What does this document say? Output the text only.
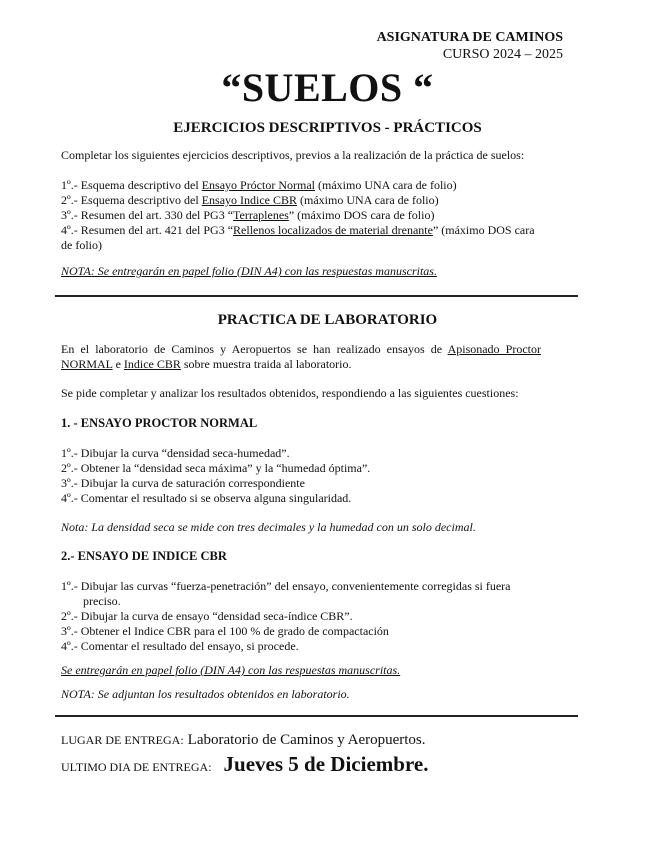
ASIGNATURA DE CAMINOS
CURSO 2024 – 2025
“SUELOS “
EJERCICIOS DESCRIPTIVOS - PRÁCTICOS
Completar los siguientes ejercicios descriptivos, previos a la realización de la práctica de suelos:
1º.- Esquema descriptivo del Ensayo Próctor Normal (máximo UNA cara de folio)
2º.- Esquema descriptivo del Ensayo Indice CBR (máximo UNA cara de folio)
3º.- Resumen del art. 330 del PG3 “Terraplenes” (máximo DOS cara de folio)
4º.- Resumen del art. 421 del PG3 “Rellenos localizados de material drenante” (máximo DOS cara de folio)
NOTA: Se entregarán en papel folio (DIN A4) con las respuestas manuscritas.
PRACTICA DE LABORATORIO
En el laboratorio de Caminos y Aeropuertos se han realizado ensayos de Apisonado Proctor NORMAL e Indice CBR sobre muestra traida al laboratorio.
Se pide completar y analizar los resultados obtenidos, respondiendo a las siguientes cuestiones:
1. - ENSAYO PROCTOR NORMAL
1º.- Dibujar la curva “densidad seca-humedad”.
2º.- Obtener la “densidad seca máxima” y la “humedad óptima”.
3º.- Dibujar la curva de saturación correspondiente
4º.- Comentar el resultado si se observa alguna singularidad.
Nota: La densidad seca se mide con tres decimales y la humedad con un solo decimal.
2.- ENSAYO DE INDICE CBR
1º.- Dibujar las curvas “fuerza-penetración” del ensayo, convenientemente corregidas si fuera preciso.
2º.- Dibujar la curva de ensayo “densidad seca-índice CBR”.
3º.- Obtener el Indice CBR para el 100 % de grado de compactación
4º.- Comentar el resultado del ensayo, si procede.
Se entregarán en papel folio (DIN A4) con las respuestas manuscritas.
NOTA: Se adjuntan los resultados obtenidos en laboratorio.
LUGAR DE ENTREGA: Laboratorio de Caminos y Aeropuertos.
ULTIMO DIA DE ENTREGA: Jueves 5 de Diciembre.
